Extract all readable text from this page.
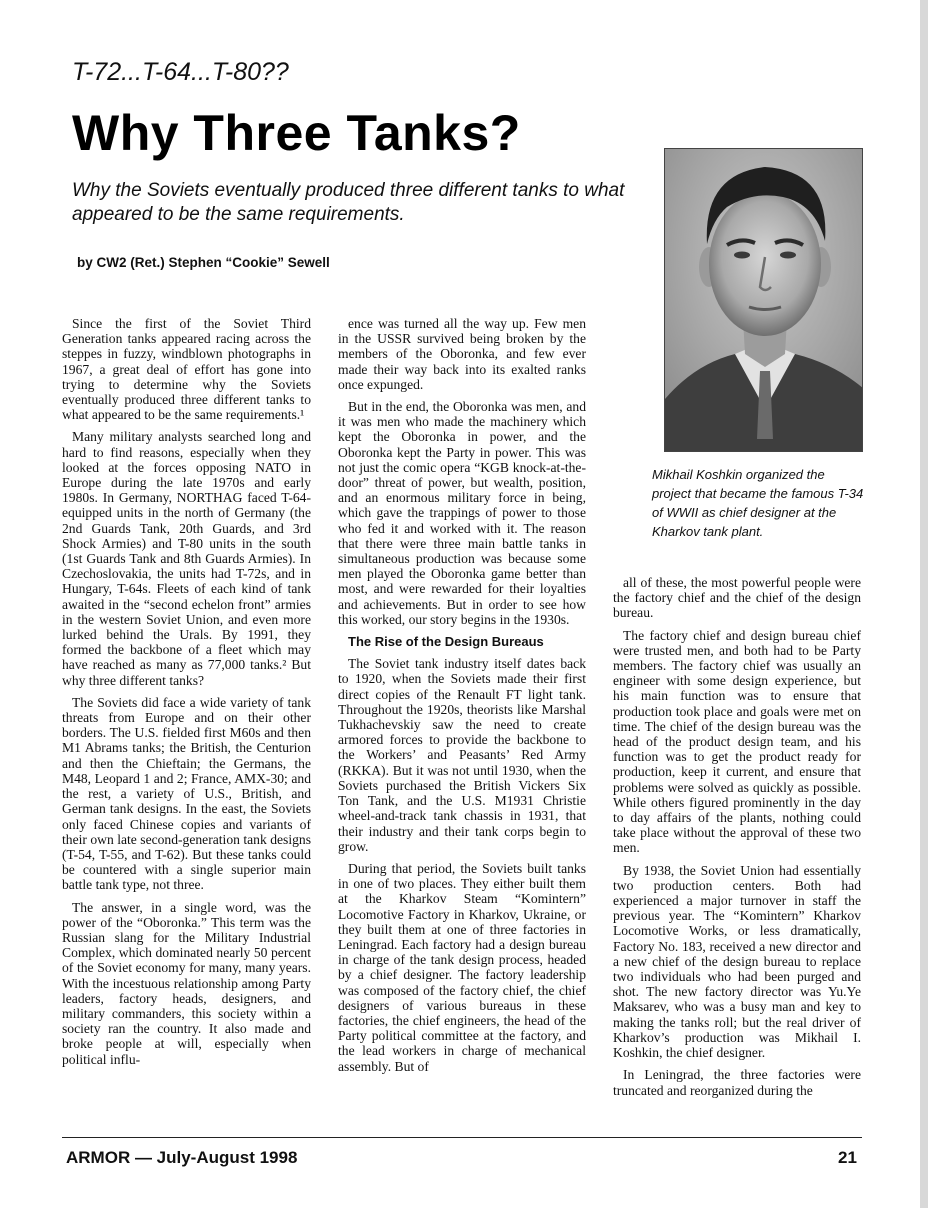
T-72...T-64...T-80??
Why Three Tanks?
Why the Soviets eventually produced three different tanks to what appeared to be the same requirements.
by CW2 (Ret.) Stephen “Cookie” Sewell
Mikhail Koshkin organized the project that became the famous T-34 of WWII as chief designer at the Kharkov tank plant.

Since the first of the Soviet Third Generation tanks appeared racing across the steppes in fuzzy, windblown photographs in 1967, a great deal of effort has gone into trying to determine why the Soviets eventually produced three different tanks to what appeared to be the same requirements.¹

Many military analysts searched long and hard to find reasons, especially when they looked at the forces opposing NATO in Europe during the late 1970s and early 1980s. In Germany, NORTHAG faced T-64-equipped units in the north of Germany (the 2nd Guards Tank, 20th Guards, and 3rd Shock Armies) and T-80 units in the south (1st Guards Tank and 8th Guards Armies). In Czechoslovakia, the units had T-72s, and in Hungary, T-64s. Fleets of each kind of tank awaited in the “second echelon front” armies in the western Soviet Union, and even more lurked behind the Urals. By 1991, they formed the backbone of a fleet which may have reached as many as 77,000 tanks.² But why three different tanks?

The Soviets did face a wide variety of tank threats from Europe and on their other borders. The U.S. fielded first M60s and then M1 Abrams tanks; the British, the Centurion and then the Chieftain; the Germans, the M48, Leopard 1 and 2; France, AMX-30; and the rest, a variety of U.S., British, and German tank designs. In the east, the Soviets only faced Chinese copies and variants of their own late second-generation tank designs (T-54, T-55, and T-62). But these tanks could be countered with a single superior main battle tank type, not three.

The answer, in a single word, was the power of the “Oboronka.” This term was the Russian slang for the Military Industrial Complex, which dominated nearly 50 percent of the Soviet economy for many, many years. With the incestuous relationship among Party leaders, factory heads, designers, and military commanders, this society within a society ran the country. It also made and broke people at will, especially when political influ-

ence was turned all the way up. Few men in the USSR survived being broken by the members of the Oboronka, and few ever made their way back into its exalted ranks once expunged.

But in the end, the Oboronka was men, and it was men who made the machinery which kept the Oboronka in power, and the Oboronka kept the Party in power. This was not just the comic opera “KGB knock-at-the-door” threat of power, but wealth, position, and an enormous military force in being, which gave the trappings of power to those who fed it and worked with it. The reason that there were three main battle tanks in simultaneous production was because some men played the Oboronka game better than most, and were rewarded for their loyalties and achievements. But in order to see how this worked, our story begins in the 1930s.

The Rise of the Design Bureaus

The Soviet tank industry itself dates back to 1920, when the Soviets made their first direct copies of the Renault FT light tank. Throughout the 1920s, theorists like Marshal Tukhachevskiy saw the need to create armored forces to provide the backbone to the Workers’ and Peasants’ Red Army (RKKA). But it was not until 1930, when the Soviets purchased the British Vickers Six Ton Tank, and the U.S. M1931 Christie wheel-and-track tank chassis in 1931, that their industry and their tank corps begin to grow.

During that period, the Soviets built tanks in one of two places. They either built them at the Kharkov Steam “Komintern” Locomotive Factory in Kharkov, Ukraine, or they built them at one of three factories in Leningrad. Each factory had a design bureau in charge of the tank design process, headed by a chief designer. The factory leadership was composed of the factory chief, the chief designers of various bureaus in these factories, the chief engineers, the head of the Party political committee at the factory, and the lead workers in charge of mechanical assembly. But of

all of these, the most powerful people were the factory chief and the chief of the design bureau.

The factory chief and design bureau chief were trusted men, and both had to be Party members. The factory chief was usually an engineer with some design experience, but his main function was to ensure that production took place and goals were met on time. The chief of the design bureau was the head of the product design team, and his function was to get the product ready for production, keep it current, and ensure that problems were solved as quickly as possible. While others figured prominently in the day to day affairs of the plants, nothing could take place without the approval of these two men.

By 1938, the Soviet Union had essentially two production centers. Both had experienced a major turnover in staff the previous year. The “Komintern” Kharkov Locomotive Works, or less dramatically, Factory No. 183, received a new director and a new chief of the design bureau to replace two individuals who had been purged and shot. The new factory director was Yu.Ye Maksarev, who was a busy man and key to making the tanks roll; but the real driver of Kharkov’s production was Mikhail I. Koshkin, the chief designer.

In Leningrad, the three factories were truncated and reorganized during the

ARMOR — July-August 1998	21
